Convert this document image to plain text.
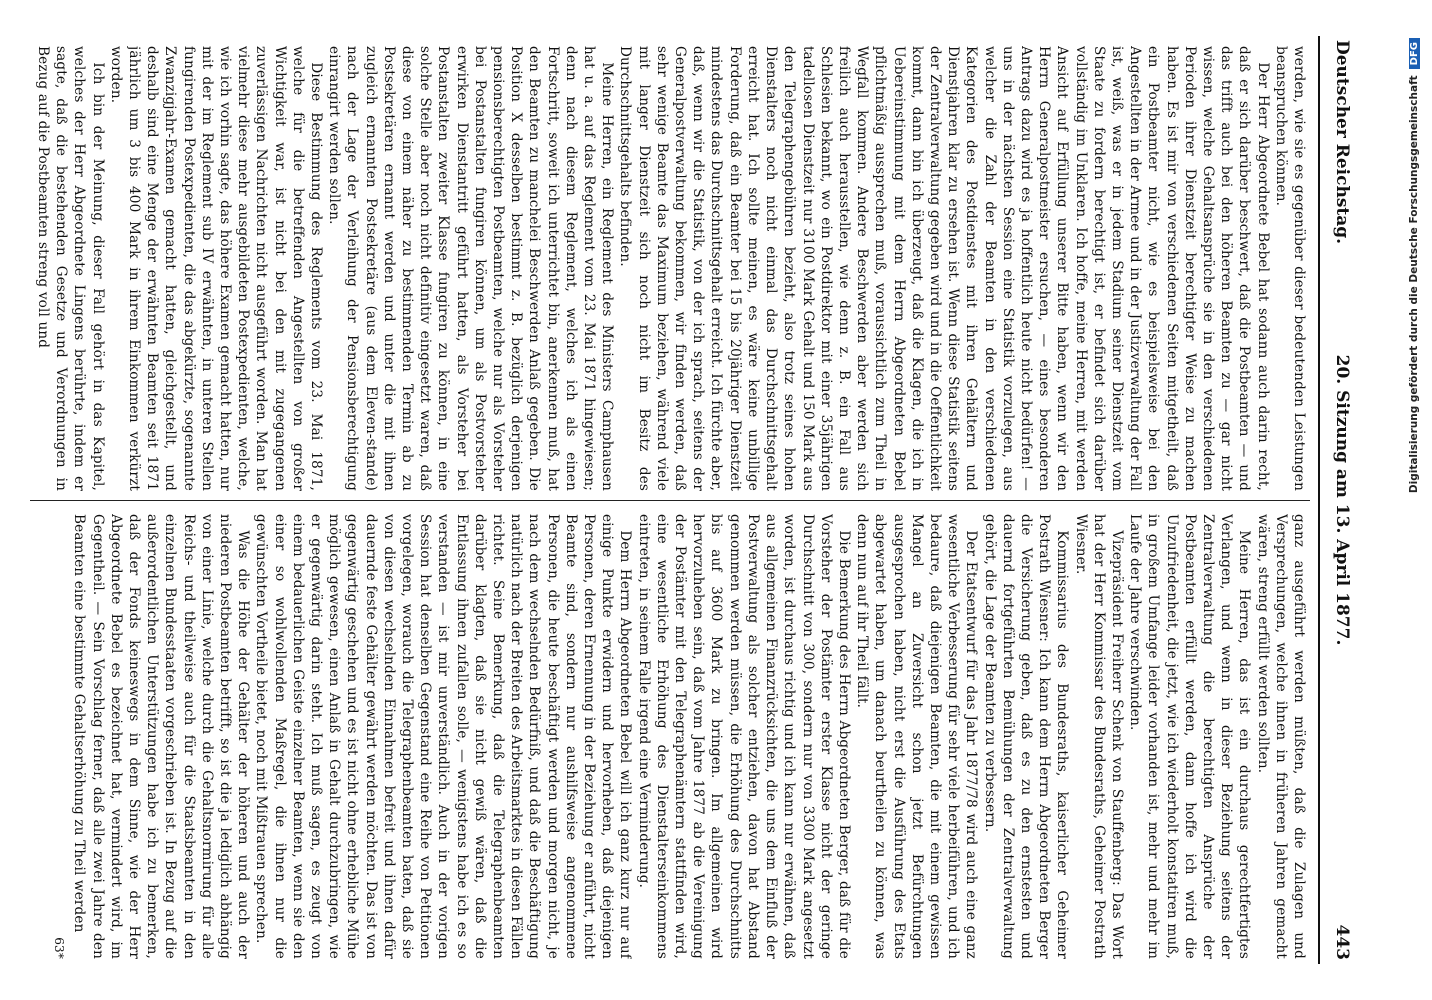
Deutscher Reichstag.
20. Sitzung am 13. April 1877.
443

werden, wie sie es gegenüber dieser bedeutenden Leistungen beanspruchen können.

Der Herr Abgeordnete Bebel hat sodann auch darin recht, daß er sich darüber beschwert, daß die Postbeamten — und das trifft auch bei den höheren Beamten zu — gar nicht wissen, welche Gehaltsansprüche sie in den verschiedenen Perioden ihrer Dienstzeit berechtigter Weise zu machen haben. Es ist mir von verschiedenen Seiten mitgetheilt, daß ein Postbeamter nicht, wie es beispielsweise bei den Angestellten in der Armee und in der Justizverwaltung der Fall ist, weiß, was er in jedem Stadium seiner Dienstzeit vom Staate zu fordern berechtigt ist, er befindet sich darüber vollständig im Unklaren. Ich hoffe, meine Herren, mit werden Ansicht auf Erfüllung unserer Bitte haben, wenn wir den Herrn Generalpostmeister ersuchen, — eines besonderen Antrags dazu wird es ja hoffentlich heute nicht bedürfen! — uns in der nächsten Session eine Statistik vorzulegen, aus welcher die Zahl der Beamten in den verschiedenen Kategorien des Postdienstes mit ihren Gehältern und Dienstjahren klar zu ersehen ist. Wenn diese Statistik seitens der Zentralverwaltung gegeben wird und in die Oeffentlichkeit kommt, dann bin ich überzeugt, daß die Klagen, die ich in Uebereinstimmung mit dem Herrn Abgeordneten Bebel pflichtmäßig aussprechen muß, voraussichtlich zum Theil in Wegfall kommen. Andere Beschwerden aber werden sich freilich auch herausstellen, wie denn z. B. ein Fall aus Schlesien bekannt, wo ein Postdirektor mit einer 35jährigen tadellosen Dienstzeit nur 3100 Mark Gehalt und 150 Mark aus den Telegraphengebühren bezieht, also trotz seines hohen Dienstalters noch nicht einmal das Durchschnittsgehalt erreicht hat. Ich sollte meinen, es wäre keine unbillige Forderung, daß ein Beamter bei 15 bis 20jähriger Dienstzeit mindestens das Durchschnittsgehalt erreicht. Ich fürchte aber, daß, wenn wir die Statistik, von der ich sprach, seitens der Generalpostverwaltung bekommen, wir finden werden, daß sehr wenige Beamte das Maximum beziehen, während viele mit langer Dienstzeit sich noch nicht im Besitz des Durchschnittsgehalts befinden.

Meine Herren, ein Reglement des Ministers Camphausen hat u. a. auf das Reglement vom 23. Mai 1871 hingewiesen; denn nach diesem Reglement, welches ich als einen Fortschritt, soweit ich unterrichtet bin, anerkennen muß, hat den Beamten zu manchelei Beschwerden Anlaß gegeben. Die Position X desselben bestimmt z. B. bezüglich derjenigen pensionsberechtigten Postbeamten, welche nur als Vorsteher bei Postanstalten fungiren können, um als Postvorsteher erwirken Dienstantritt geführt hatten, als Vorsteher bei Postanstalten zweiter Klasse fungiren zu können, in eine solche Stelle aber noch nicht definitiv eingesetzt waren, daß diese von einem näher zu bestimmenden Termin ab zu Postsekretären ernannt werden und unter die mit ihnen zugleich ernannten Postsekretäre (aus dem Eleven-stande) nach der Lage der Verleihung der Pensionsberechtigung einrangirt werden sollen.

Diese Bestimmung des Reglements vom 23. Mai 1871, welche für die betreffenden Angestellten von großer Wichtigkeit war, ist nicht bei den mit zugegangenen zuverlässigen Nachrichten nicht ausgeführt worden. Man hat vielmehr diese mehr ausgebildeten Postexpedienten, welche, wie ich vorhin sagte, das höhere Examen gemacht hatten, nur mit der im Reglement sub IV erwähnten, in unteren Stellen fungirenden Postexpedienten, die das abgekürzte, sogenannte Zwanzigjahr-Examen gemacht hatten, gleichgestellt, und deshalb sind eine Menge der erwähnten Beamten seit 1871 jährlich um 3 bis 400 Mark in ihrem Einkommen verkürzt worden.

Ich bin der Meinung, dieser Fall gehört in das Kapitel, welches der Herr Abgeordnete Lingens berührte, indem er sagte, daß die bestehenden Gesetze und Verordnungen in Bezug auf die Postbeamten streng voll und

ganz ausgeführt werden müßten, daß die Zulagen und Versprechungen, welche ihnen in früheren Jahren gemacht wären, streng erfüllt werden sollten.

Meine Herren, das ist ein durchaus gerechtfertigtes Verlangen, und wenn in dieser Beziehung seitens der Zentralverwaltung die berechtigten Ansprüche der Postbeamten erfüllt werden, dann hoffe ich wird die Unzufriedenheit, die jetzt, wie ich wiederholt konstatiren muß, in großem Umfange leider vorhanden ist, mehr und mehr im Laufe der Jahre verschwinden.

Vizepräsident Freiherr Schenk von Stauffenberg: Das Wort hat der Herr Kommissar des Bundesraths, Geheimer Postrath Wiesner.

Kommissarius des Bundesraths, kaiserlicher Geheimer Postrath Wiesner: Ich kann dem Herrn Abgeordneten Berger die Versicherung geben, daß es zu den ernstesten und dauernd fortgeführten Bemühungen der Zentralverwaltung gehört, die Lage der Beamten zu verbessern.

Der Etatsentwurf für das Jahr 1877/78 wird auch eine ganz wesentliche Verbesserung für sehr viele herbeiführen, und ich bedaure, daß diejenigen Beamten, die mit einem gewissen Mangel an Zuversicht schon jetzt Befürchtungen ausgesprochen haben, nicht erst die Ausführung des Etats abgewartet haben, um danach beurtheilen zu können, was denn nun auf ihr Theil fällt.

Die Bemerkung des Herrn Abgeordneten Berger, daß für die Vorsteher der Postämter erster Klasse nicht der geringe Durchschnitt von 300, sondern nur von 3300 Mark angesetzt worden, ist durchaus richtig und ich kann nur erwähnen, daß aus allgemeinen Finanzrücksichten, die uns dem Einfluß der Postverwaltung als solcher entziehen, davon hat Abstand genommen werden müssen, die Erhöhung des Durchschnitts bis auf 3600 Mark zu bringen. Im allgemeinen wird hervorzuheben sein, daß vom Jahre 1877 ab die Vereinigung der Postämter mit den Telegraphenämtern stattfinden wird, eine wesentliche Erhöhung des Dienstalterseinkommens eintreten, in seinem Falle irgend eine Verminderung.

Dem Herrn Abgeordneten Bebel will ich ganz kurz nur auf einige Punkte erwidern und hervorheben, daß diejenigen Personen, deren Ernennung in der Beziehung er anführt, nicht Beamte sind, sondern nur aushilfsweise angenommene Personen, die heute beschäftigt werden und morgen nicht, je nach dem wechselnden Bedürfniß, und daß die Beschäftigung natürlich nach der Breiten des Arbeitsmarktes in diesen Fällen richtet. Seine Bemerkung, daß die Telegraphenbeamten darüber klagten, daß sie nicht gewiß wären, daß die Entlassung ihnen zufallen solle, — wenigstens habe ich es so verstanden — ist mir unverständlich. Auch in der vorigen Session hat denselben Gegenstand eine Reihe von Petitionen vorgelegen, worauch die Telegraphenbeamten baten, daß sie von diesen wechselnden Einnahmen befreit und ihnen dafür dauernde feste Gehälter gewährt werden möchten. Das ist von gegenwärtig geschehen und es ist nicht ohne erhebliche Mühe möglich gewesen, einen Anlaß in Gehalt durchzubringen, wie er gegenwärtig darin steht. Ich muß sagen, es zeugt von einem bedauerlichen Geiste einzelner Beamten, wenn sie den einer so wohlwollenden Maßregel, die ihnen nur die gewünschten Vortheile bietet, noch mit Mißtrauen sprechen.

Was die Höhe der Gehälter der höheren und auch der niederen Postbeamten betrifft, so ist die ja lediglich abhängig von einer Linie, welche durch die Gehaltsnormirung für alle Reichs- und theilweise auch für die Staatsbeamten in den einzelnen Bundesstaaten vorgeschrieben ist. In Bezug auf die außerordentlichen Unterstützungen habe ich zu bemerken, daß der Fonds keineswegs in dem Sinne, wie der Herr Abgeordnete Bebel es bezeichnet hat, vermindert wird, im Gegentheil. — Sein Vorschlag ferner, daß alle zwei Jahre den Beamten eine bestimmte Gehaltserhöhung zu Theil werden

63*
Digitalisierung gefördert durch die Deutsche ForschungsgemeinschaftDFG
